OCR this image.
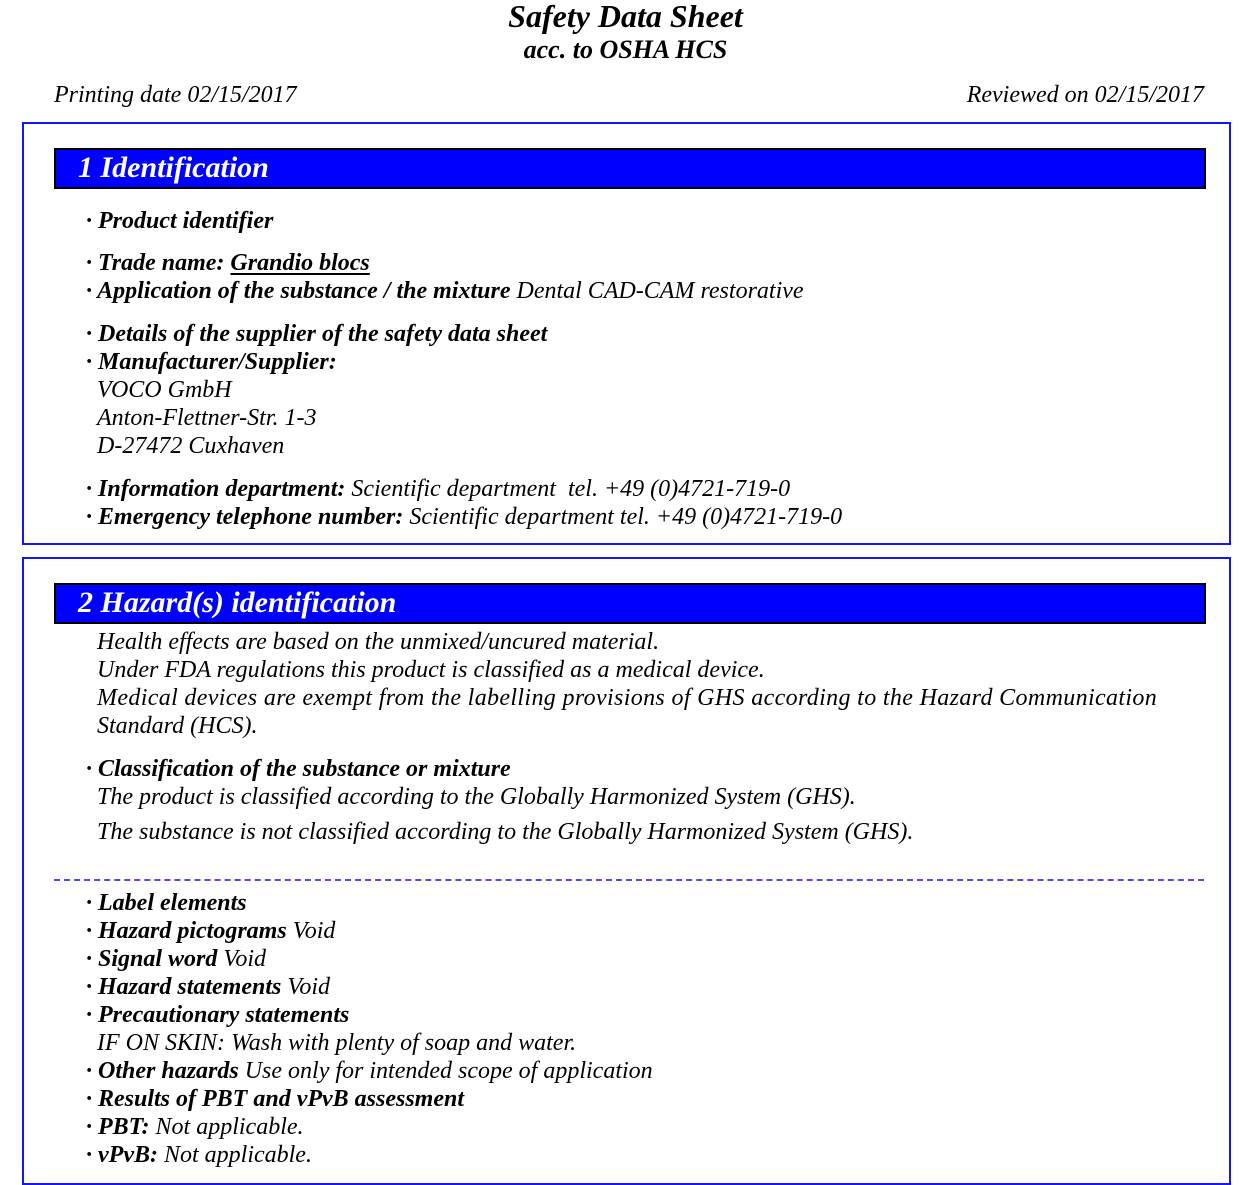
Safety Data Sheet
acc. to OSHA HCS
Printing date 02/15/2017	Reviewed on 02/15/2017
1 Identification
· Product identifier
· Trade name: Grandio blocs
· Application of the substance / the mixture Dental CAD-CAM restorative
· Details of the supplier of the safety data sheet
· Manufacturer/Supplier:
VOCO GmbH
Anton-Flettner-Str. 1-3
D-27472 Cuxhaven
· Information department: Scientific department  tel. +49 (0)4721-719-0
· Emergency telephone number: Scientific department tel. +49 (0)4721-719-0
2 Hazard(s) identification
Health effects are based on the unmixed/uncured material.
Under FDA regulations this product is classified as a medical device.
Medical devices are exempt from the labelling provisions of GHS according to the Hazard Communication
Standard (HCS).
· Classification of the substance or mixture
The product is classified according to the Globally Harmonized System (GHS).
The substance is not classified according to the Globally Harmonized System (GHS).
· Label elements
· Hazard pictograms Void
· Signal word Void
· Hazard statements Void
· Precautionary statements
IF ON SKIN: Wash with plenty of soap and water.
· Other hazards Use only for intended scope of application
· Results of PBT and vPvB assessment
· PBT: Not applicable.
· vPvB: Not applicable.
